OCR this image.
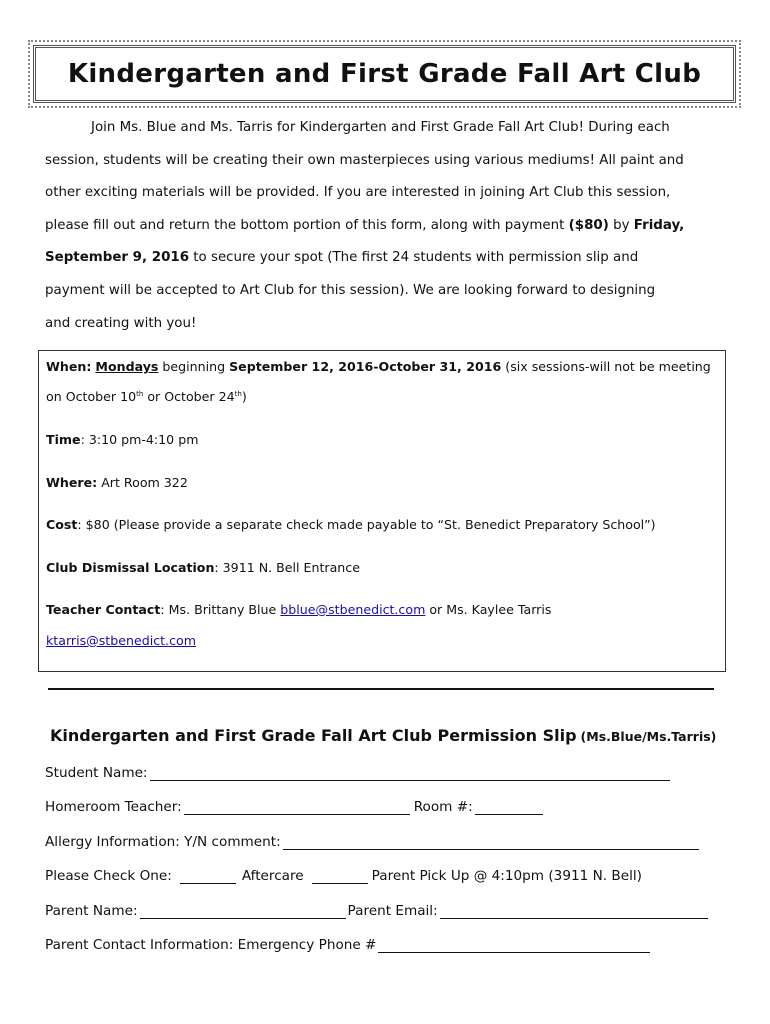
Kindergarten and First Grade Fall Art Club
Join Ms. Blue and Ms. Tarris for Kindergarten and First Grade Fall Art Club! During each
session, students will be creating their own masterpieces using various mediums! All paint and
other exciting materials will be provided. If you are interested in joining Art Club this session,
please fill out and return the bottom portion of this form, along with payment ($80) by Friday,
September 9, 2016 to secure your spot (The first 24 students with permission slip and
payment will be accepted to Art Club for this session). We are looking forward to designing
and creating with you!
When: Mondays beginning September 12, 2016-October 31, 2016 (six sessions-will not be meeting
on October 10th or October 24th)
Time: 3:10 pm-4:10 pm
Where: Art Room 322
Cost: $80 (Please provide a separate check made payable to “St. Benedict Preparatory School”)
Club Dismissal Location: 3911 N. Bell Entrance
Teacher Contact: Ms. Brittany Blue bblue@stbenedict.com or Ms. Kaylee Tarris
ktarris@stbenedict.com
Kindergarten and First Grade Fall Art Club Permission Slip (Ms.Blue/Ms.Tarris)
Student Name:
Homeroom Teacher:	Room #:
Allergy Information: Y/N comment:
Please Check One:	Aftercare	Parent Pick Up @ 4:10pm (3911 N. Bell)
Parent Name:	Parent Email:
Parent Contact Information: Emergency Phone #
